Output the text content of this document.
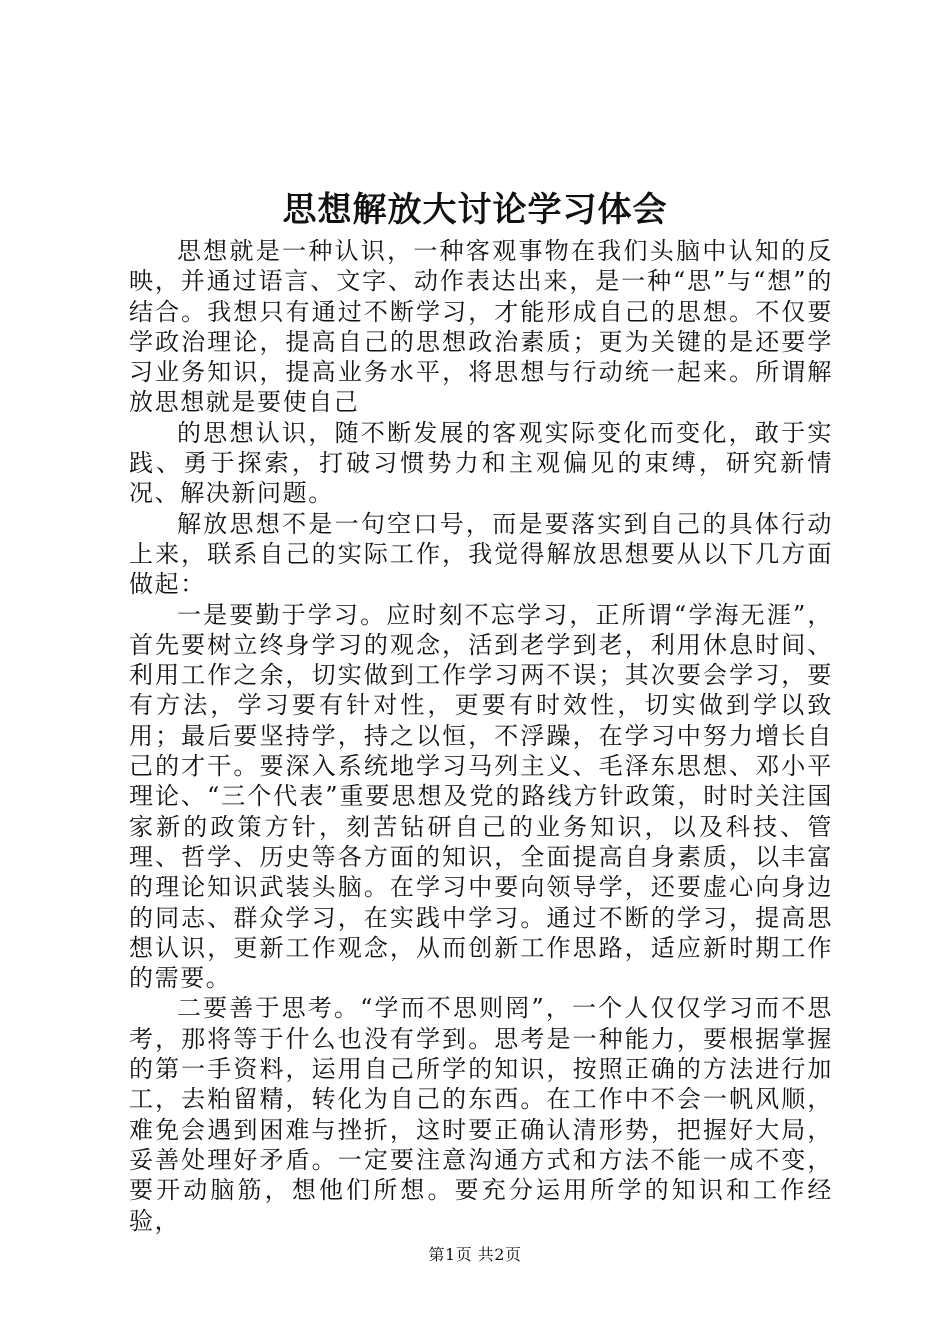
思想解放大讨论学习体会

思想就是一种认识，一种客观事物在我们头脑中认知的反映，并通过语言、文字、动作表达出来，是一种“思”与“想”的结合。我想只有通过不断学习，才能形成自己的思想。不仅要学政治理论，提高自己的思想政治素质；更为关键的是还要学习业务知识，提高业务水平，将思想与行动统一起来。所谓解放思想就是要使自己

的思想认识，随不断发展的客观实际变化而变化，敢于实践、勇于探索，打破习惯势力和主观偏见的束缚，研究新情况、解决新问题。

解放思想不是一句空口号，而是要落实到自己的具体行动上来，联系自己的实际工作，我觉得解放思想要从以下几方面做起：

一是要勤于学习。应时刻不忘学习，正所谓“学海无涯”，首先要树立终身学习的观念，活到老学到老，利用休息时间、利用工作之余，切实做到工作学习两不误；其次要会学习，要有方法，学习要有针对性，更要有时效性，切实做到学以致用；最后要坚持学，持之以恒，不浮躁，在学习中努力增长自己的才干。要深入系统地学习马列主义、毛泽东思想、邓小平理论、“三个代表”重要思想及党的路线方针政策，时时关注国家新的政策方针，刻苦钻研自己的业务知识，以及科技、管理、哲学、历史等各方面的知识，全面提高自身素质，以丰富的理论知识武装头脑。在学习中要向领导学，还要虚心向身边的同志、群众学习，在实践中学习。通过不断的学习，提高思想认识，更新工作观念，从而创新工作思路，适应新时期工作的需要。

二要善于思考。“学而不思则罔”，一个人仅仅学习而不思考，那将等于什么也没有学到。思考是一种能力，要根据掌握的第一手资料，运用自己所学的知识，按照正确的方法进行加工，去粕留精，转化为自己的东西。在工作中不会一帆风顺，难免会遇到困难与挫折，这时要正确认清形势，把握好大局，妥善处理好矛盾。一定要注意沟通方式和方法不能一成不变，要开动脑筋，想他们所想。要充分运用所学的知识和工作经验，

第1页 共2页
